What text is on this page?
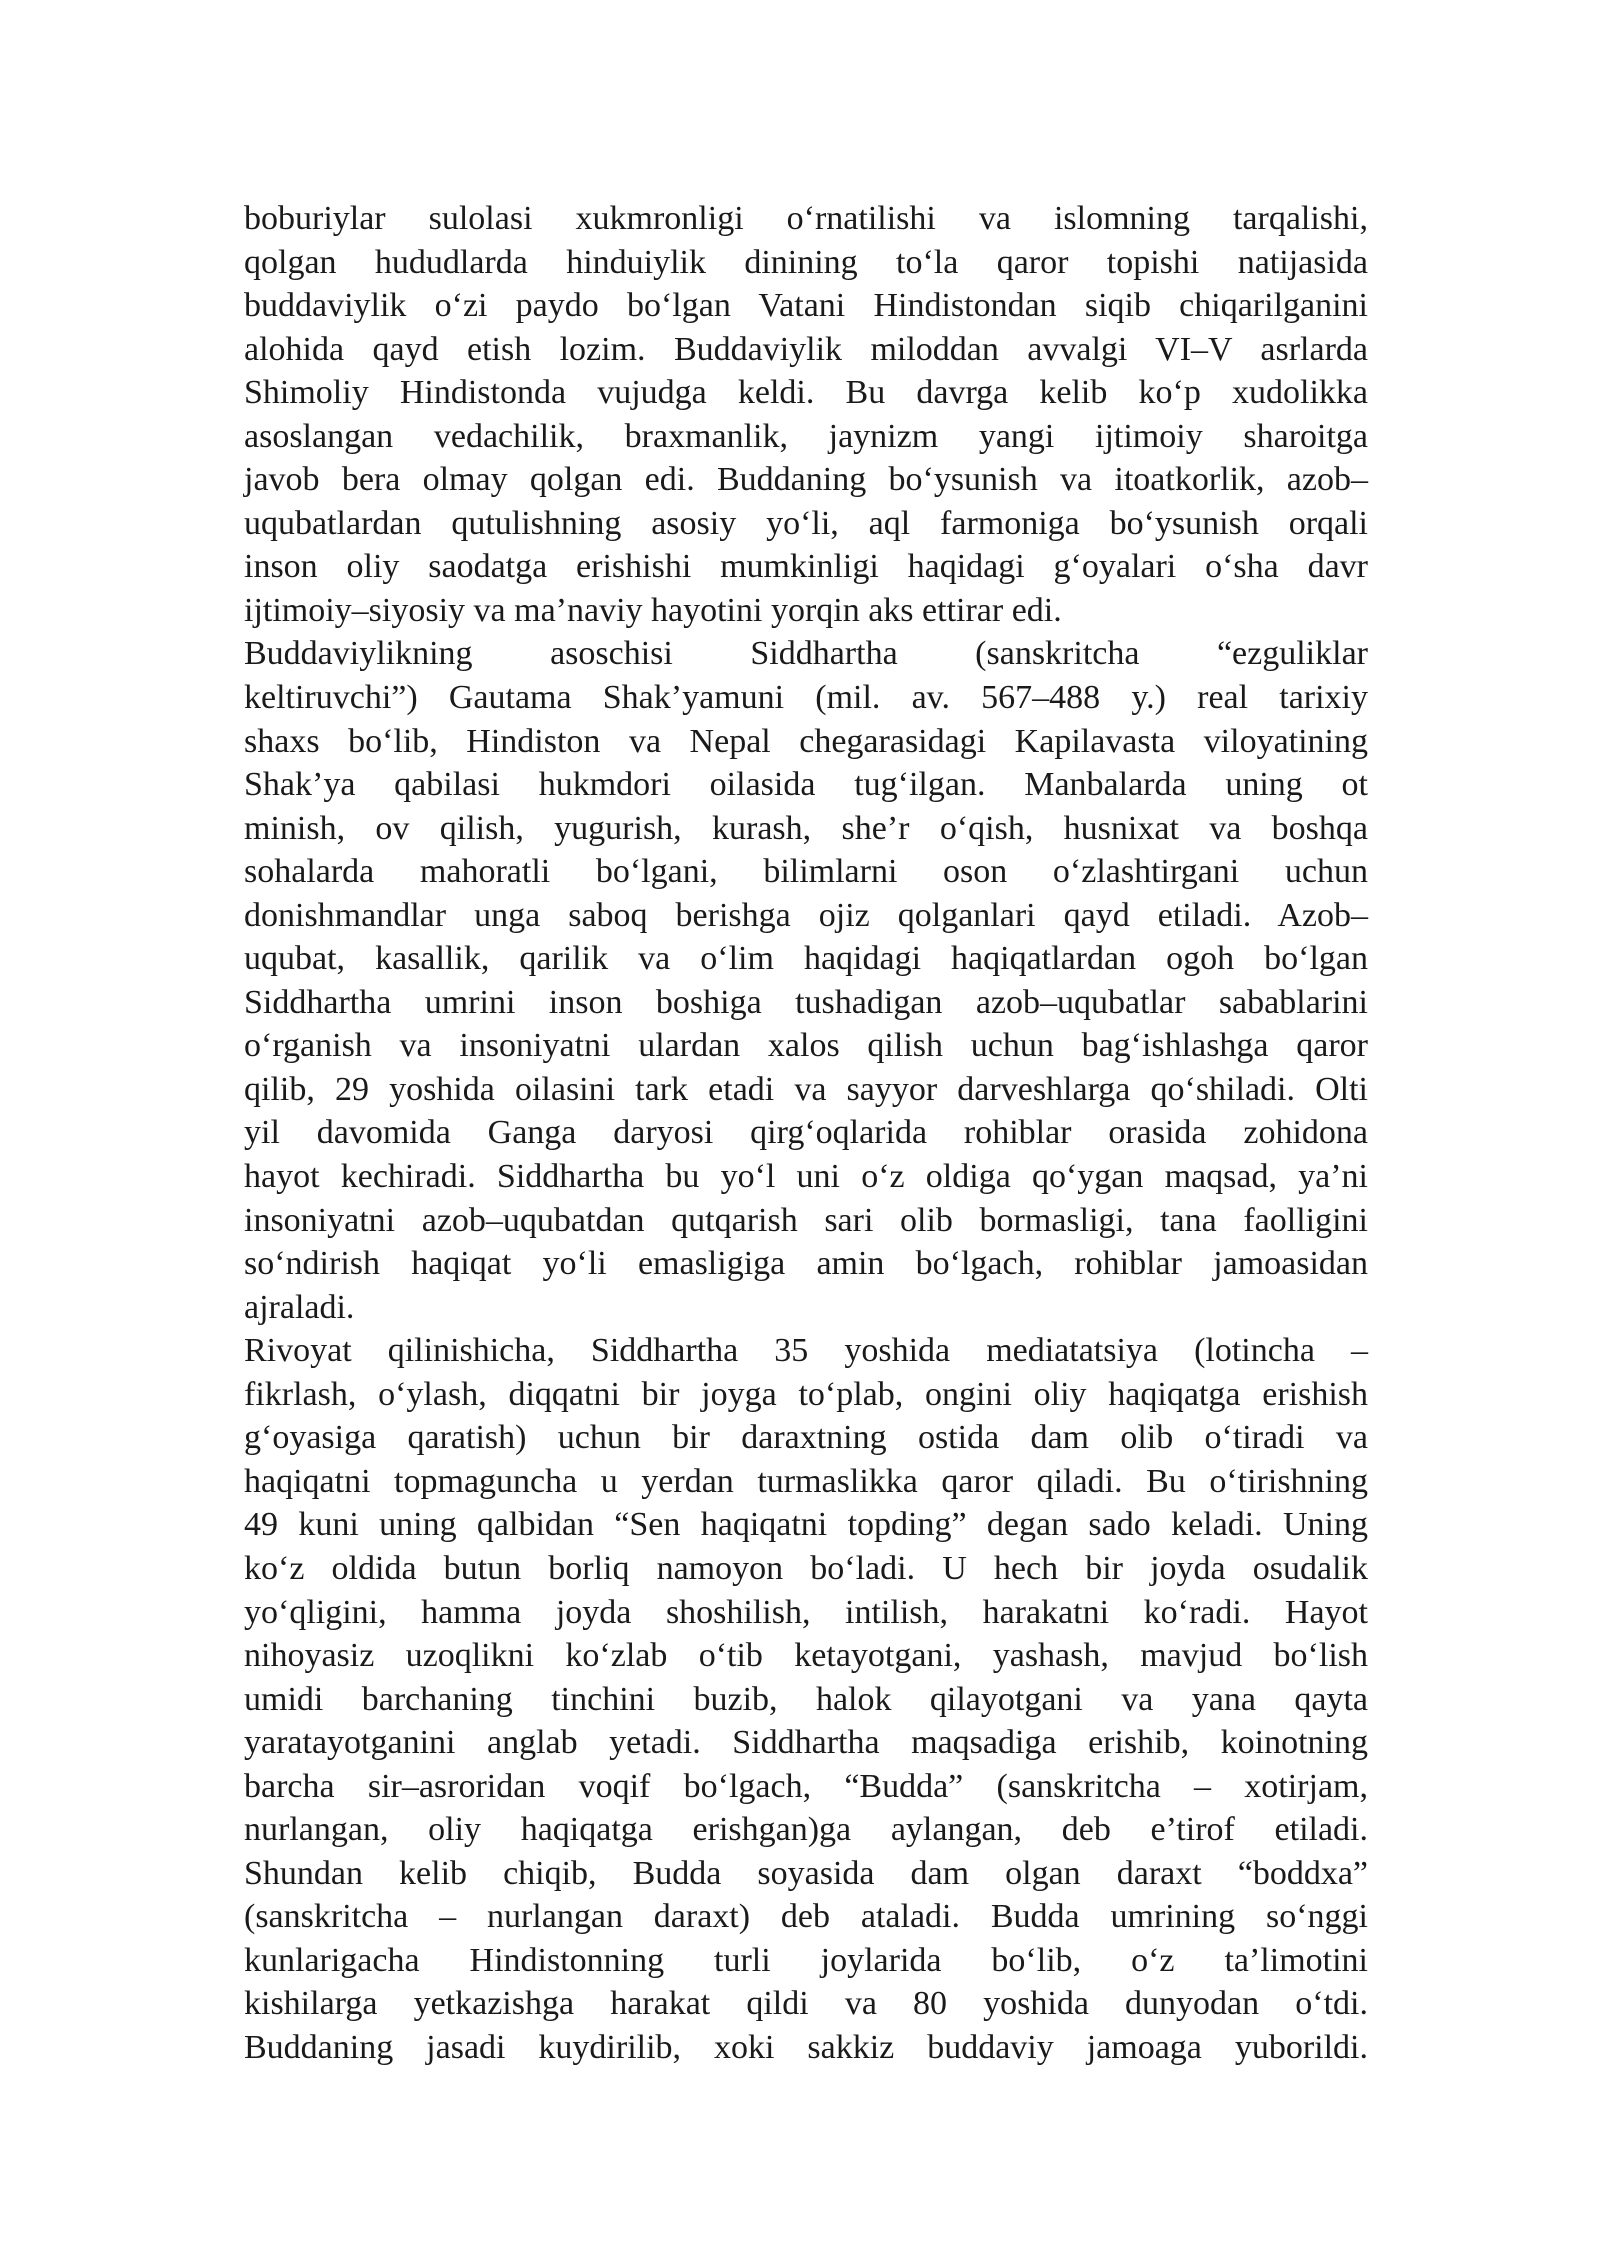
boburiylar sulolasi xukmronligi o‘rnatilishi va islomning tarqalishi,
qolgan hududlarda hinduiylik dinining to‘la qaror topishi natijasida
buddaviylik o‘zi paydo bo‘lgan Vatani Hindistondan siqib chiqarilganini
alohida qayd etish lozim. Buddaviylik miloddan avvalgi VI–V asrlarda
Shimoliy Hindistonda vujudga keldi. Bu davrga kelib ko‘p xudolikka
asoslangan vedachilik, braxmanlik, jaynizm yangi ijtimoiy sharoitga
javob bera olmay qolgan edi. Buddaning bo‘ysunish va itoatkorlik, azob–
uqubatlardan qutulishning asosiy yo‘li, aql farmoniga bo‘ysunish orqali
inson oliy saodatga erishishi mumkinligi haqidagi g‘oyalari o‘sha davr
ijtimoiy–siyosiy va ma’naviy hayotini yorqin aks ettirar edi.
Buddaviylikning asoschisi Siddhartha (sanskritcha “ezguliklar
keltiruvchi”) Gautama Shak’yamuni (mil. av. 567–488 y.) real tarixiy
shaxs bo‘lib, Hindiston va Nepal chegarasidagi Kapilavasta viloyatining
Shak’ya qabilasi hukmdori oilasida tug‘ilgan. Manbalarda uning ot
minish, ov qilish, yugurish, kurash, she’r o‘qish, husnixat va boshqa
sohalarda mahoratli bo‘lgani, bilimlarni oson o‘zlashtirgani uchun
donishmandlar unga saboq berishga ojiz qolganlari qayd etiladi. Azob–
uqubat, kasallik, qarilik va o‘lim haqidagi haqiqatlardan ogoh bo‘lgan
Siddhartha umrini inson boshiga tushadigan azob–uqubatlar sabablarini
o‘rganish va insoniyatni ulardan xalos qilish uchun bag‘ishlashga qaror
qilib, 29 yoshida oilasini tark etadi va sayyor darveshlarga qo‘shiladi. Olti
yil davomida Ganga daryosi qirg‘oqlarida rohiblar orasida zohidona
hayot kechiradi. Siddhartha bu yo‘l uni o‘z oldiga qo‘ygan maqsad, ya’ni
insoniyatni azob–uqubatdan qutqarish sari olib bormasligi, tana faolligini
so‘ndirish haqiqat yo‘li emasligiga amin bo‘lgach, rohiblar jamoasidan
ajraladi.
Rivoyat qilinishicha, Siddhartha 35 yoshida mediatatsiya (lotincha –
fikrlash, o‘ylash, diqqatni bir joyga to‘plab, ongini oliy haqiqatga erishish
g‘oyasiga qaratish) uchun bir daraxtning ostida dam olib o‘tiradi va
haqiqatni topmaguncha u yerdan turmaslikka qaror qiladi. Bu o‘tirishning
49 kuni uning qalbidan “Sen haqiqatni topding” degan sado keladi. Uning
ko‘z oldida butun borliq namoyon bo‘ladi. U hech bir joyda osudalik
yo‘qligini, hamma joyda shoshilish, intilish, harakatni ko‘radi. Hayot
nihoyasiz uzoqlikni ko‘zlab o‘tib ketayotgani, yashash, mavjud bo‘lish
umidi barchaning tinchini buzib, halok qilayotgani va yana qayta
yaratayotganini anglab yetadi. Siddhartha maqsadiga erishib, koinotning
barcha sir–asroridan voqif bo‘lgach, “Budda” (sanskritcha – xotirjam,
nurlangan, oliy haqiqatga erishgan)ga aylangan, deb e’tirof etiladi.
Shundan kelib chiqib, Budda soyasida dam olgan daraxt “boddxa”
(sanskritcha – nurlangan daraxt) deb ataladi. Budda umrining so‘nggi
kunlarigacha Hindistonning turli joylarida bo‘lib, o‘z ta’limotini
kishilarga yetkazishga harakat qildi va 80 yoshida dunyodan o‘tdi.
Buddaning jasadi kuydirilib, xoki sakkiz buddaviy jamoaga yuborildi.
